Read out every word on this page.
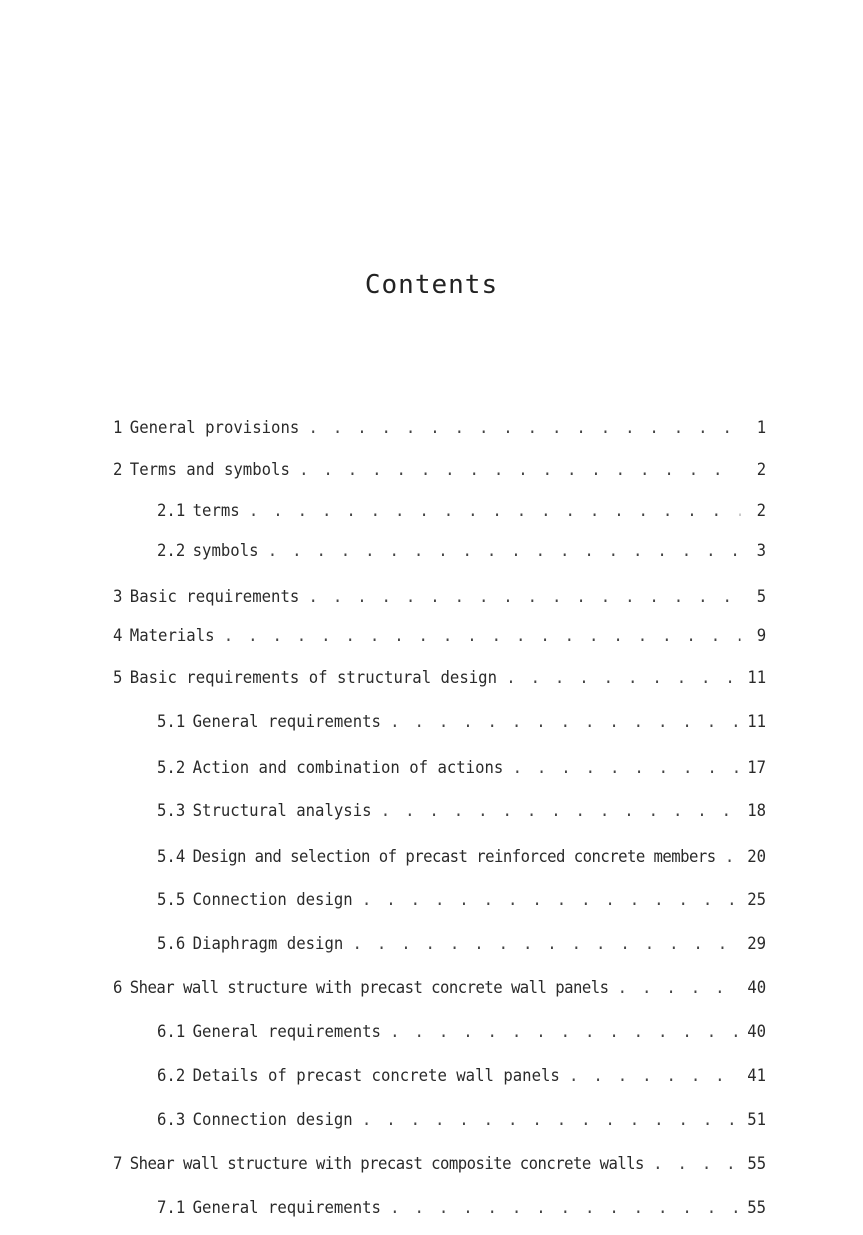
Contents
1 General provisions . . .	1
2 Terms and symbols . . .	2
2.1 terms . . .	2
2.2 symbols . . .	3
3 Basic requirements . . .	5
4 Materials . . .	9
5 Basic requirements of structural design . . .	11
5.1 General requirements . . .	11
5.2 Action and combination of actions . . .	17
5.3 Structural analysis . . .	18
5.4 Design and selection of precast reinforced concrete members . . . 20
5.5 Connection design . . .	25
5.6 Diaphragm design . . .	29
6 Shear wall structure with precast concrete wall panels . . .	40
6.1 General requirements . . .	40
6.2 Details of precast concrete wall panels . . .	41
6.3 Connection design . . .	51
7 Shear wall structure with precast composite concrete walls . . .	55
7.1 General requirements . . .	55
